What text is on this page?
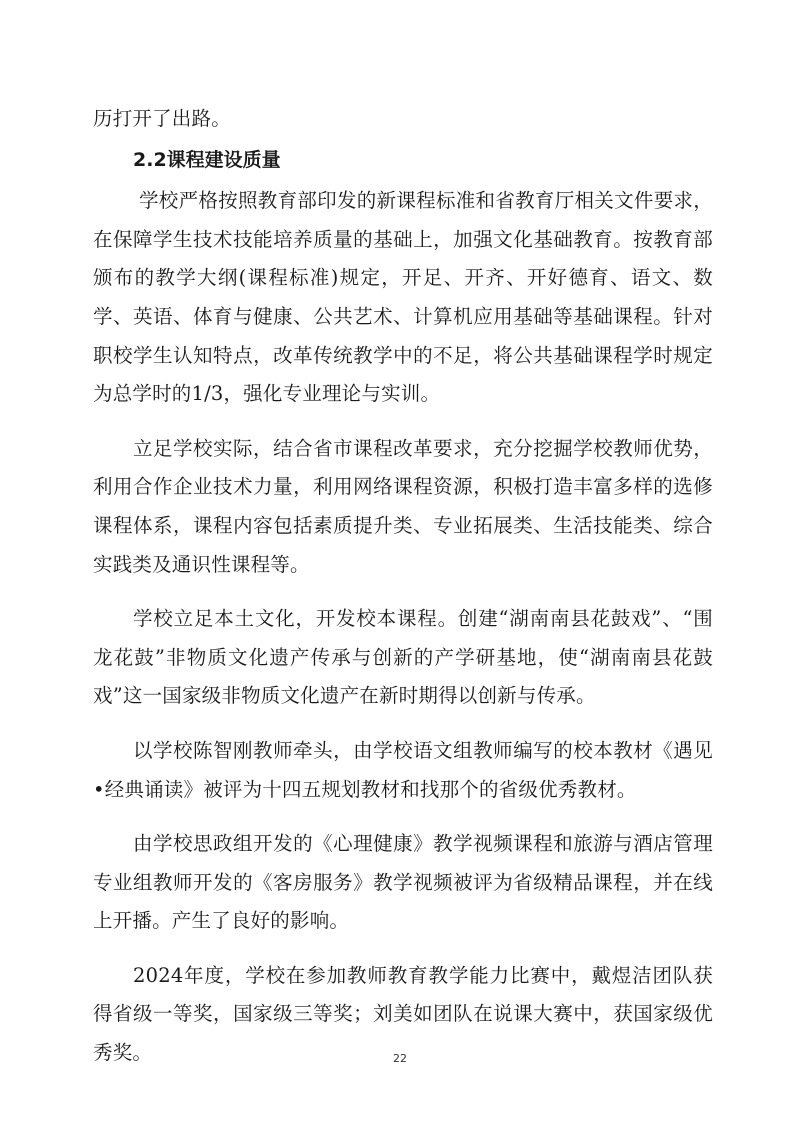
历打开了出路。

2.2课程建设质量

学校严格按照教育部印发的新课程标准和省教育厅相关文件要求，在保障学生技术技能培养质量的基础上，加强文化基础教育。按教育部颁布的教学大纲(课程标准)规定，开足、开齐、开好德育、语文、数学、英语、体育与健康、公共艺术、计算机应用基础等基础课程。针对职校学生认知特点，改革传统教学中的不足，将公共基础课程学时规定为总学时的1/3，强化专业理论与实训。

立足学校实际，结合省市课程改革要求，充分挖掘学校教师优势，利用合作企业技术力量，利用网络课程资源，积极打造丰富多样的选修课程体系，课程内容包括素质提升类、专业拓展类、生活技能类、综合实践类及通识性课程等。

学校立足本土文化，开发校本课程。创建“湖南南县花鼓戏”、“围龙花鼓”非物质文化遗产传承与创新的产学研基地，使“湖南南县花鼓戏”这一国家级非物质文化遗产在新时期得以创新与传承。

以学校陈智刚教师牵头，由学校语文组教师编写的校本教材《遇见•经典诵读》被评为十四五规划教材和找那个的省级优秀教材。

由学校思政组开发的《心理健康》教学视频课程和旅游与酒店管理专业组教师开发的《客房服务》教学视频被评为省级精品课程，并在线上开播。产生了良好的影响。

2024年度，学校在参加教师教育教学能力比赛中，戴煜洁团队获得省级一等奖，国家级三等奖；刘美如团队在说课大赛中，获国家级优秀奖。	22
